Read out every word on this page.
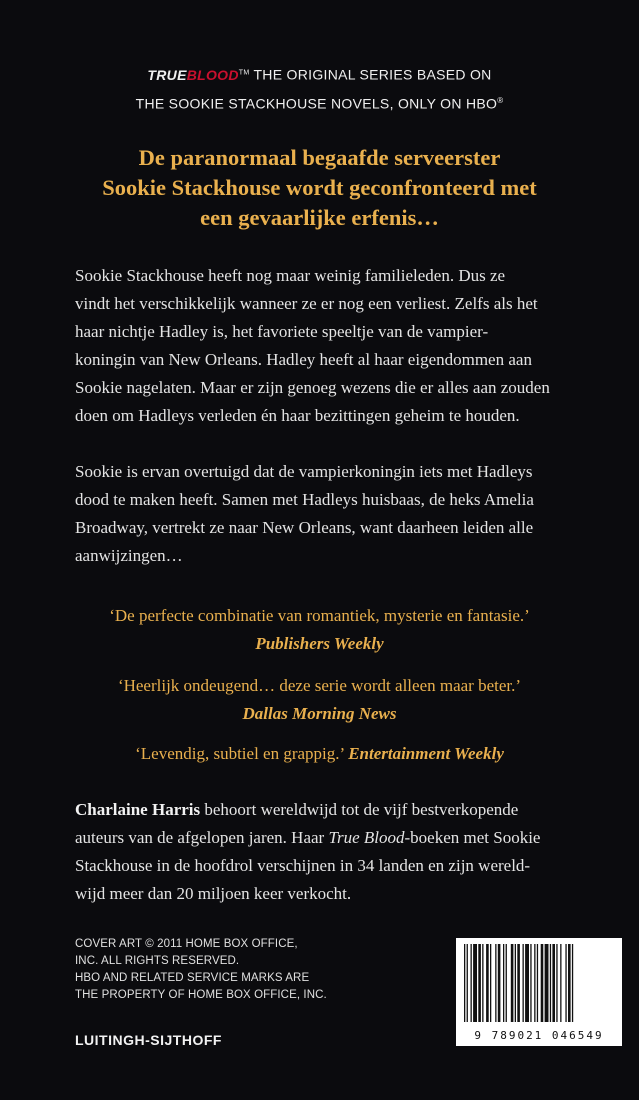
TRUEBLOOD™ THE ORIGINAL SERIES BASED ON
THE SOOKIE STACKHOUSE NOVELS, ONLY ON HBO®
De paranormaal begaafde serveerster
Sookie Stackhouse wordt geconfronteerd met
een gevaarlijke erfenis…
Sookie Stackhouse heeft nog maar weinig familieleden. Dus ze
vindt het verschikkelijk wanneer ze er nog een verliest. Zelfs als het
haar nichtje Hadley is, het favoriete speeltje van de vampier-
koningin van New Orleans. Hadley heeft al haar eigendommen aan
Sookie nagelaten. Maar er zijn genoeg wezens die er alles aan zouden
doen om Hadleys verleden én haar bezittingen geheim te houden.
Sookie is ervan overtuigd dat de vampierkoningin iets met Hadleys
dood te maken heeft. Samen met Hadleys huisbaas, de heks Amelia
Broadway, vertrekt ze naar New Orleans, want daarheen leiden alle
aanwijzingen…
‘De perfecte combinatie van romantiek, mysterie en fantasie.’
Publishers Weekly
‘Heerlijk ondeugend… deze serie wordt alleen maar beter.’
Dallas Morning News
‘Levendig, subtiel en grappig.’ Entertainment Weekly
Charlaine Harris behoort wereldwijd tot de vijf bestverkopende
auteurs van de afgelopen jaren. Haar True Blood-boeken met Sookie
Stackhouse in de hoofdrol verschijnen in 34 landen en zijn wereld-
wijd meer dan 20 miljoen keer verkocht.
COVER ART © 2011 HOME BOX OFFICE,
INC. ALL RIGHTS RESERVED.
HBO AND RELATED SERVICE MARKS ARE
THE PROPERTY OF HOME BOX OFFICE, INC.
LUITINGH-SIJTHOFF	9 789021 046549
